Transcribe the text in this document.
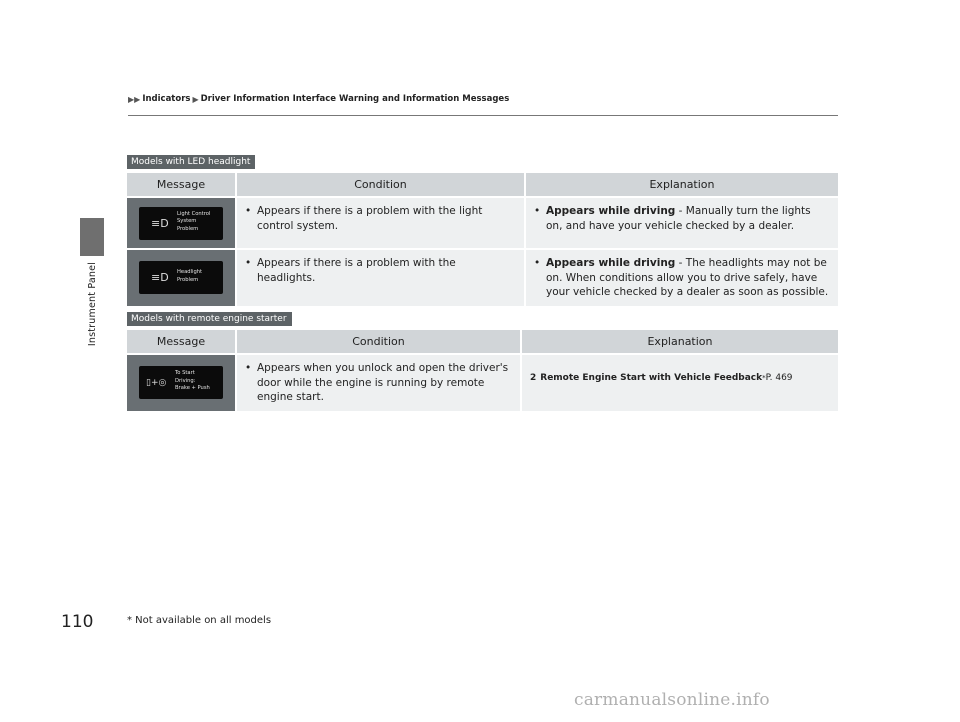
Instrument Panel
▶▶ Indicators ▶ Driver Information Interface Warning and Information Messages
Models with LED headlight
Message	Condition	Explanation

≡D
Light Control
System
Problem	• Appears if there is a problem with the light control system.	• Appears while driving - Manually turn the lights on, and have your vehicle checked by a dealer.

≡D Headlight
Problem	• Appears if there is a problem with the headlights.	• Appears while driving - The headlights may not be on. When conditions allow you to drive safely, have your vehicle checked by a dealer as soon as possible.
Models with remote engine starter
Message	Condition	Explanation

▯+◎
To Start
Driving:
Brake + Push	• Appears when you unlock and open the driver's door while the engine is running by remote engine start.	2 Remote Engine Start with Vehicle Feedback * P. 469
110	* Not available on all models
carmanualsonline.info
